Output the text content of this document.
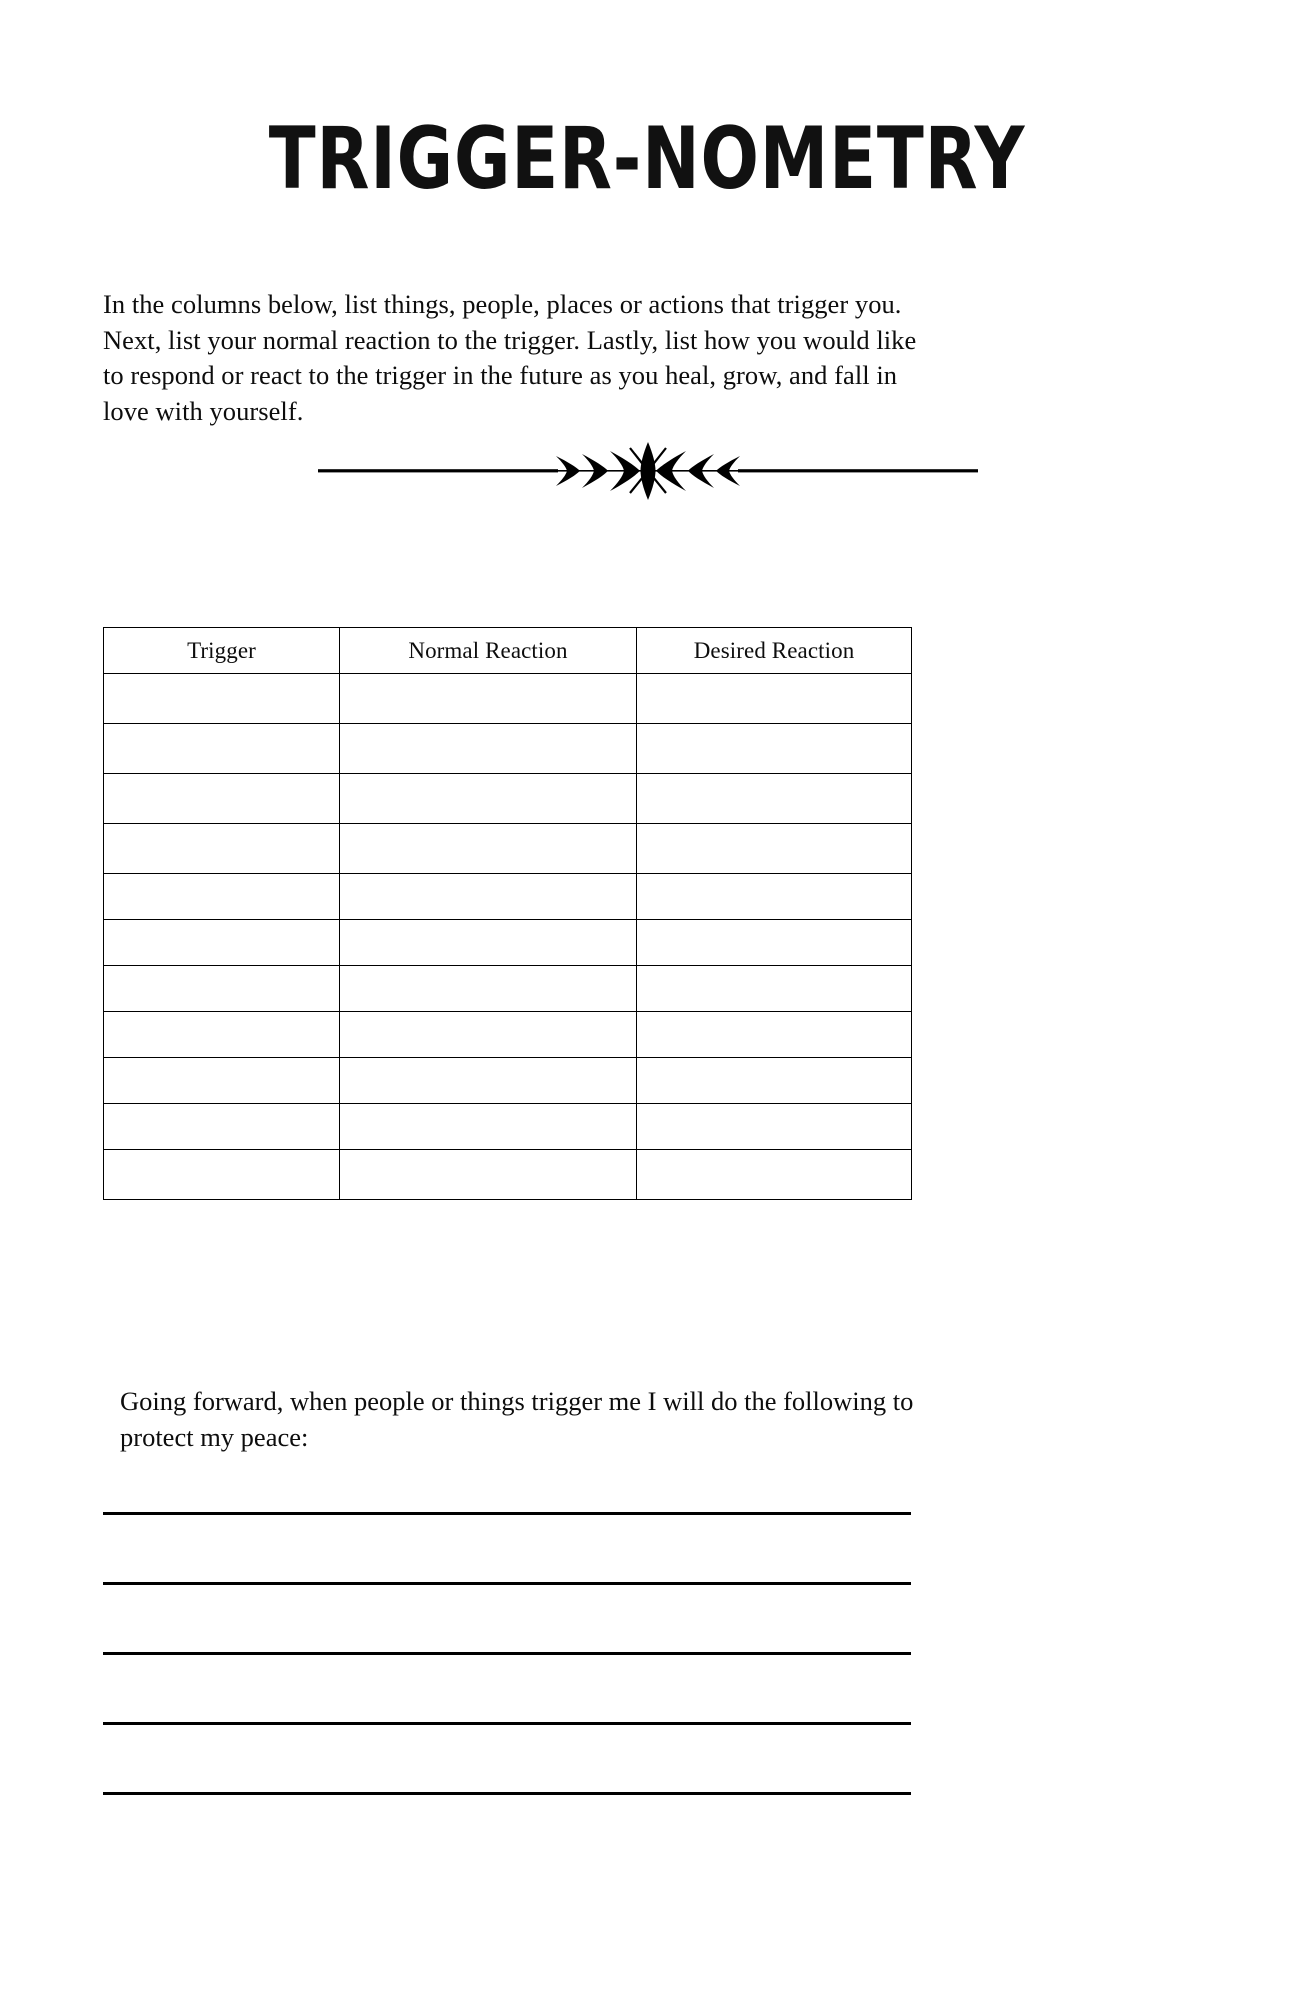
TRIGGER-NOMETRY
In the columns below, list things, people, places or actions that trigger you. Next, list your normal reaction to the trigger. Lastly, list how you would like to respond or react to the trigger in the future as you heal, grow, and fall in love with yourself.
Trigger	Normal Reaction	Desired Reaction

Going forward, when people or things trigger me I will do the following to protect my peace:
